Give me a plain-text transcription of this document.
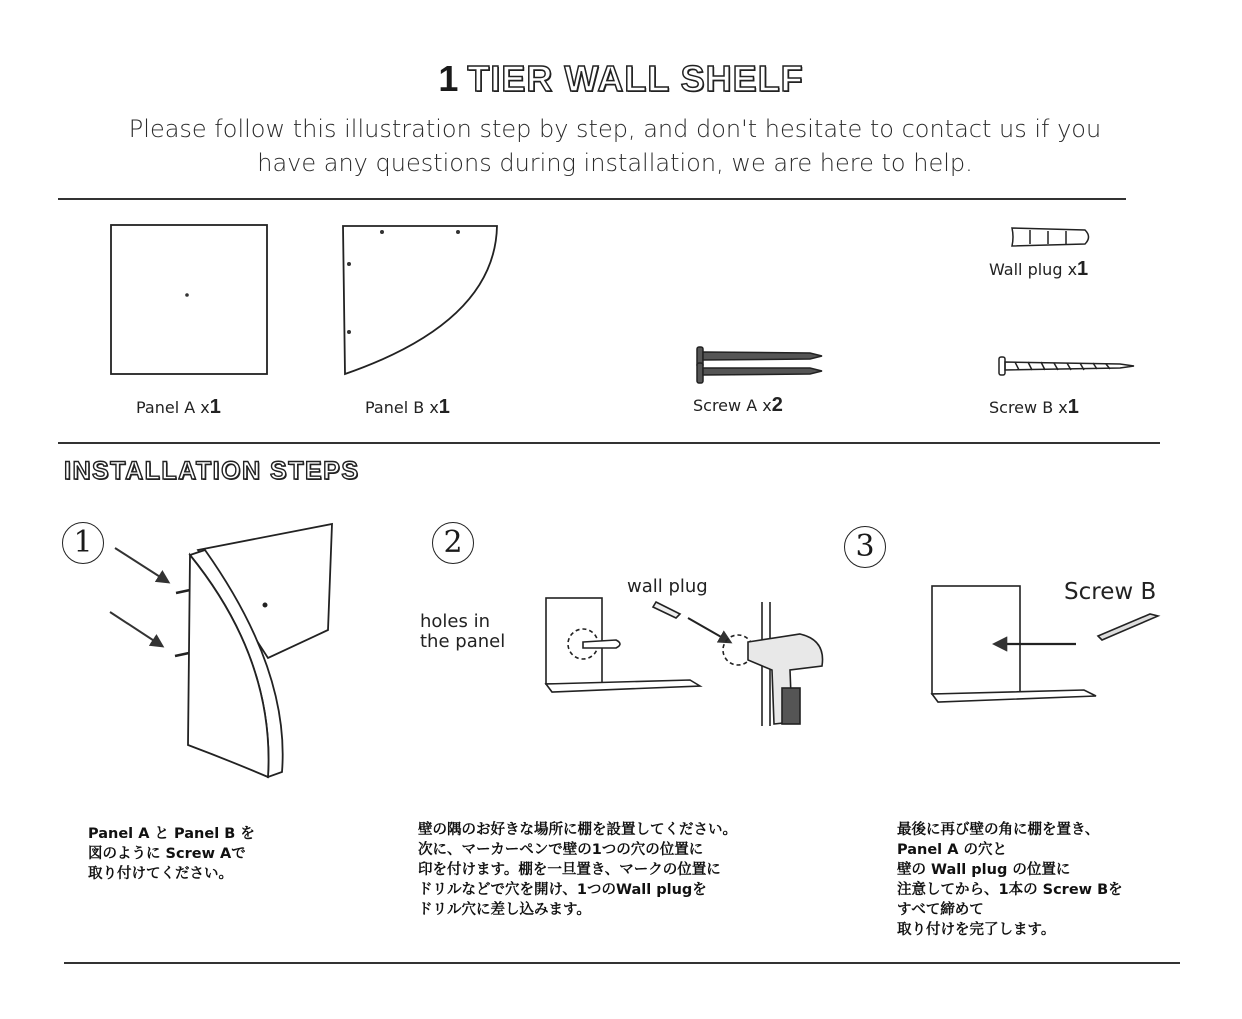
1 TIER WALL SHELF
Please follow this illustration step by step, and don't hesitate to contact us if you have any questions during installation, we are here to help.
Panel A x1	Panel B x1	Screw A x2
Wall plug x1
Screw B x1
INSTALLATION STEPS
1	2	3
holes in
the panel
wall plug	Screw B
Panel A と Panel B を
図のように Screw Aで
取り付けてください。
壁の隅のお好きな場所に棚を設置してください。
次に、マーカーペンで壁の1つの穴の位置に
印を付けます。棚を一旦置き、マークの位置に
ドリルなどで穴を開け、1つのWall plugを
ドリル穴に差し込みます。
最後に再び壁の角に棚を置き、
Panel A の穴と
壁の Wall plug の位置に
注意してから、1本の Screw Bを
すべて締めて
取り付けを完了します。
